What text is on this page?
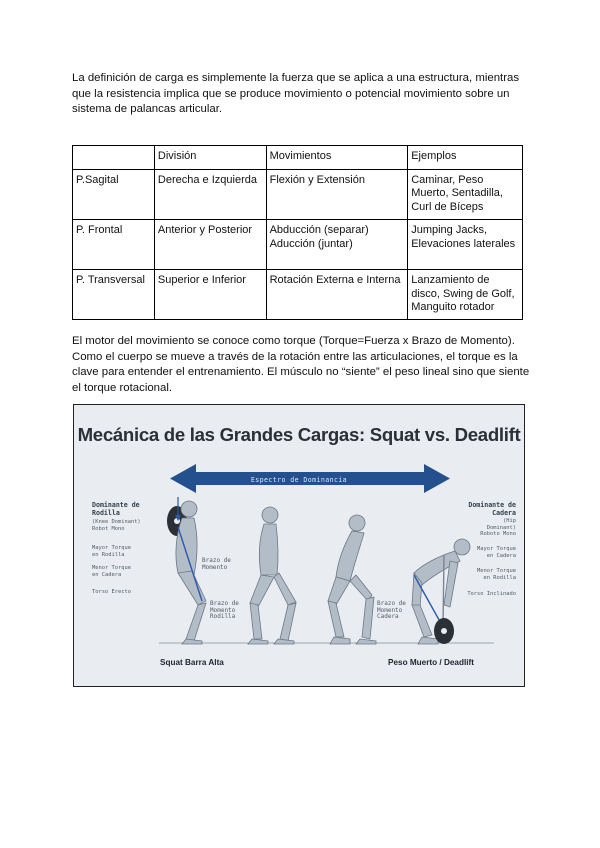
La definición de carga es simplemente la fuerza que se aplica a una estructura, mientras que la resistencia implica que se produce movimiento o potencial movimiento sobre un sistema de palancas articular.

	División	Movimientos	Ejemplos
P.Sagital	Derecha e Izquierda	Flexión y Extensión	Caminar, Peso Muerto, Sentadilla, Curl de Bíceps
P. Frontal	Anterior y Posterior	Abducción (separar) Aducción (juntar)	Jumping Jacks, Elevaciones laterales
P. Transversal	Superior e Inferior	Rotación Externa e Interna	Lanzamiento de disco, Swing de Golf, Manguito rotador

El motor del movimiento se conoce como torque (Torque=Fuerza x Brazo de Momento). Como el cuerpo se mueve a través de la rotación entre las articulaciones, el torque es la clave para entender el entrenamiento. El músculo no “siente” el peso lineal sino que siente el torque rotacional.

Mecánica de las Grandes Cargas: Squat vs. Deadlift
Espectro de Dominancia
Dominante de
Rodilla
(Knee Dominant)
Robot Mono
Mayor Torque
en Rodilla
Menor Torque
en Cadera
Torso Erecto
Dominante de
Cadera
(Hip
Dominant)
Roboto Mono
Mayor Torque
en Cadera
Menor Torque
en Rodilla
Torso Inclinado
Brazo de
Momento
Brazo de
Momento
Rodilla
Brazo de
Momento
Cadera
Squat Barra Alta	Peso Muerto / Deadlift
